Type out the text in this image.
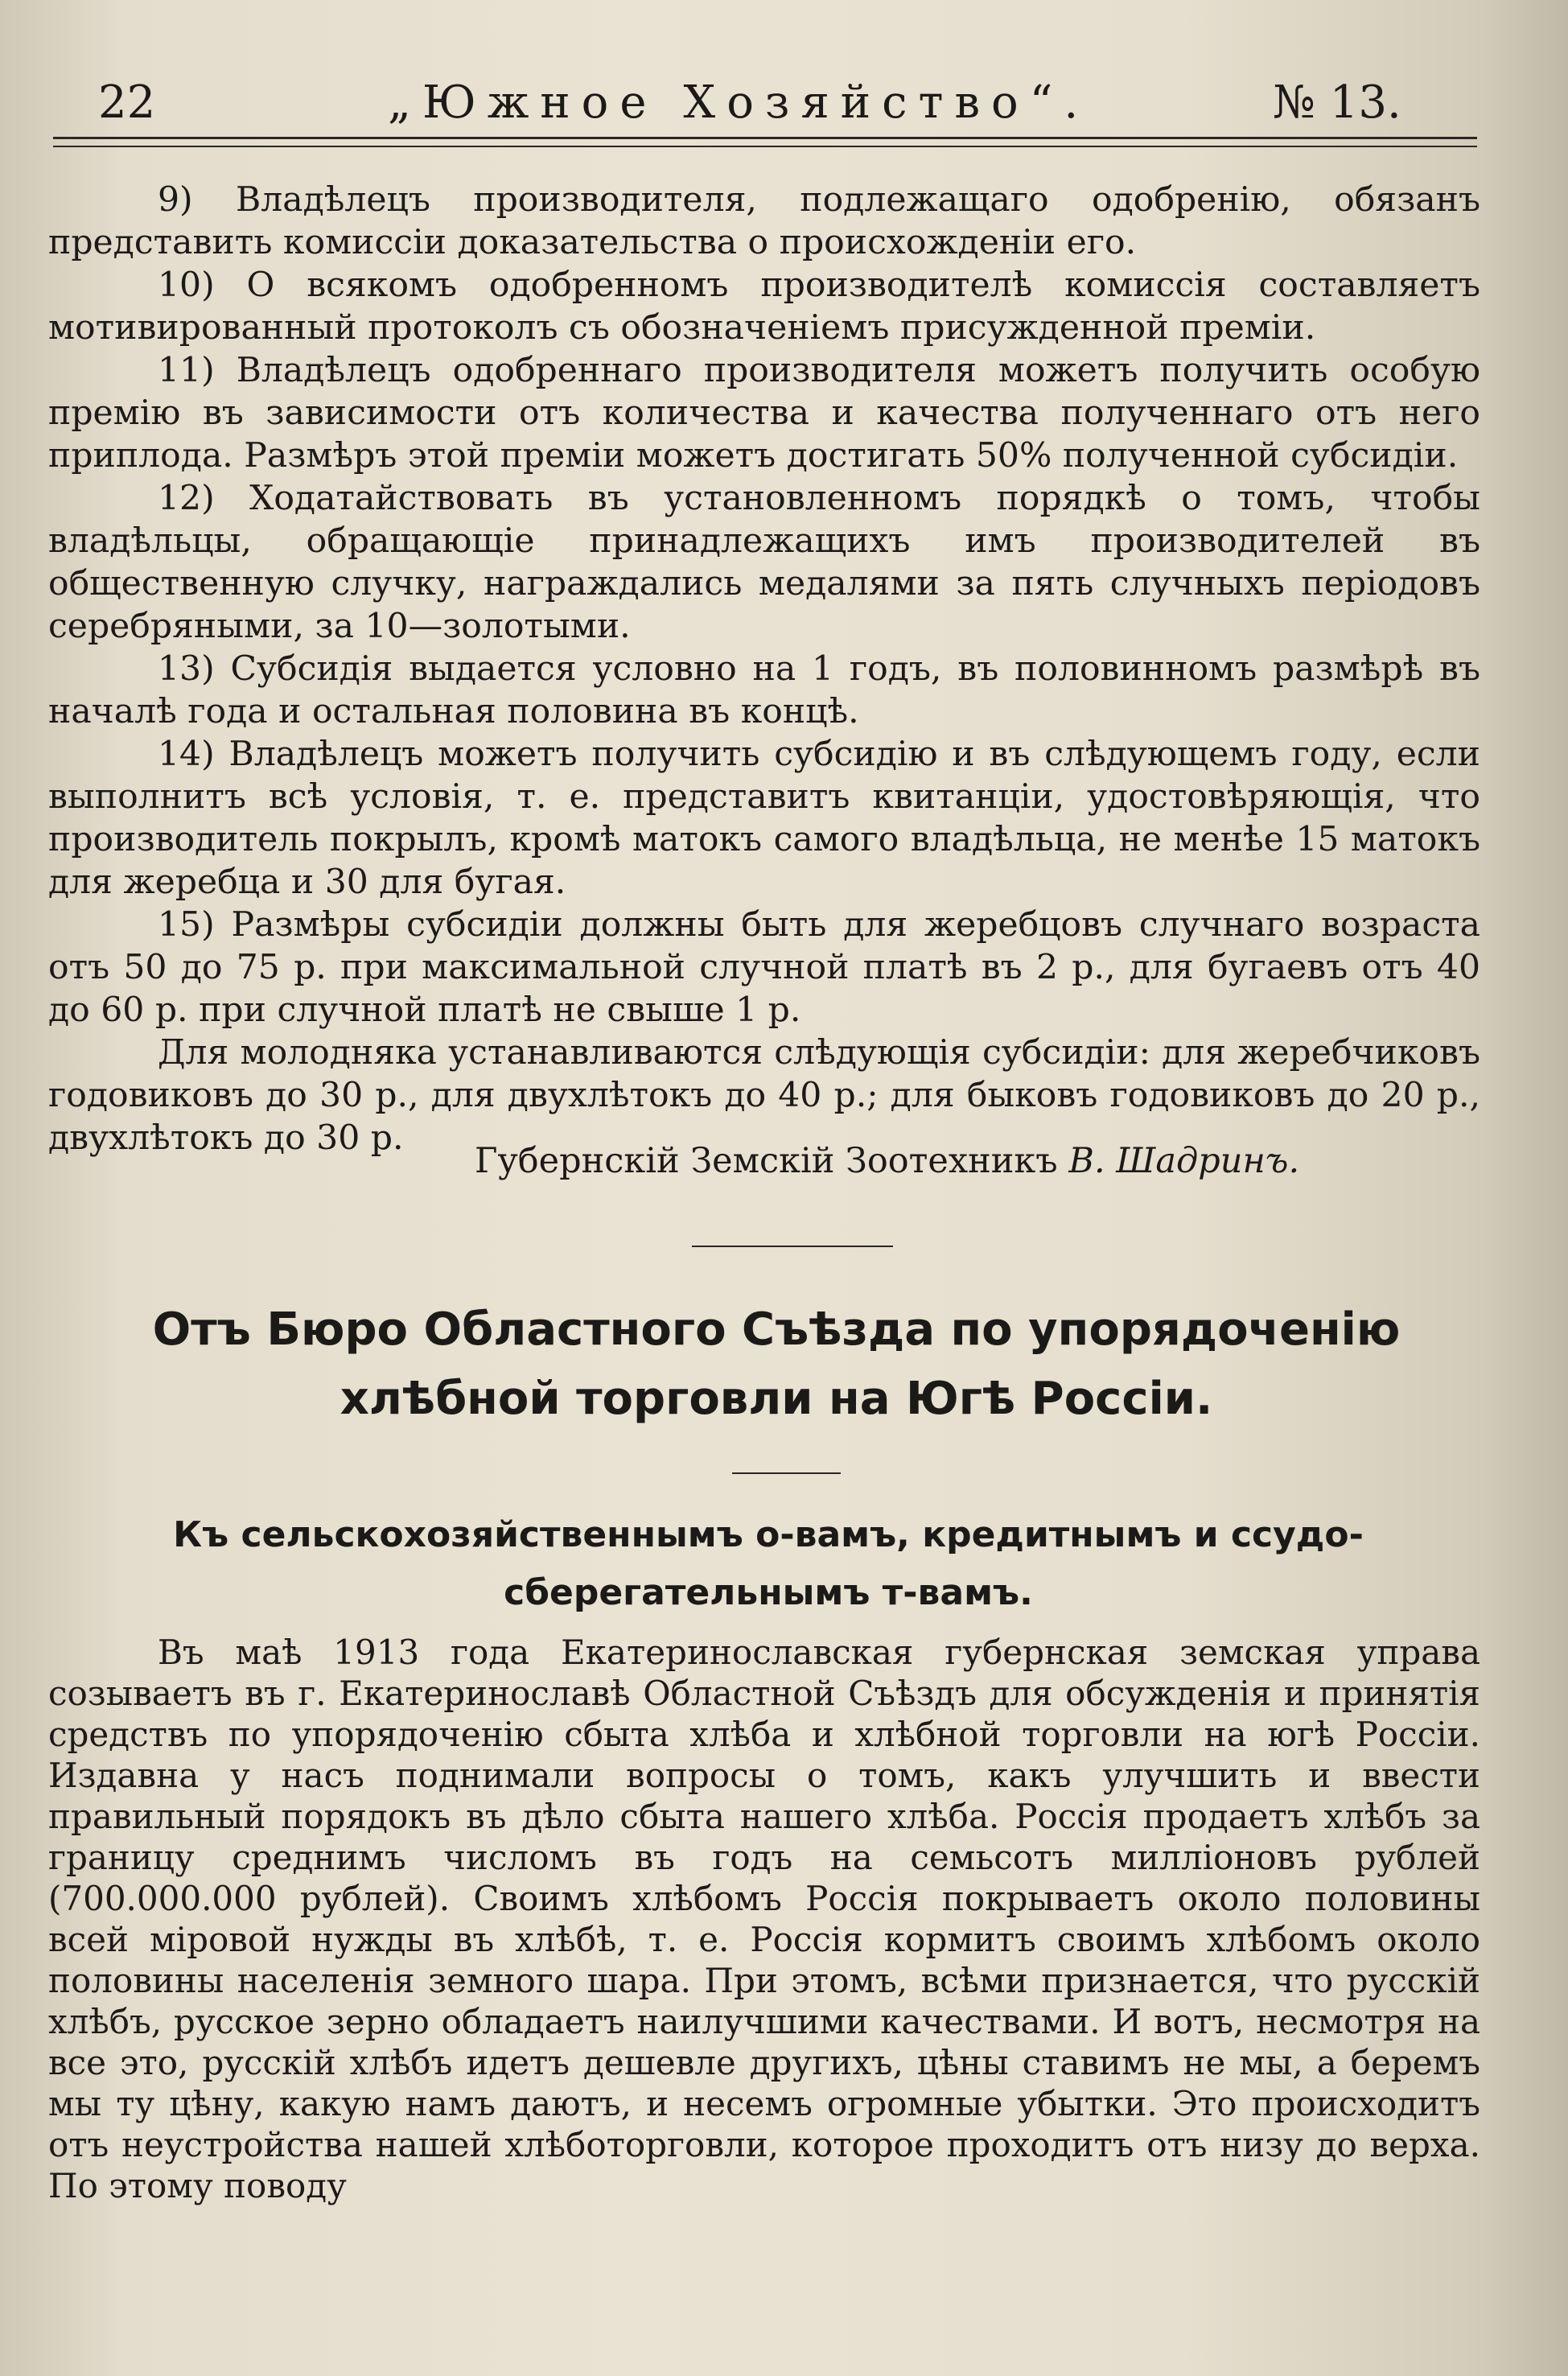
22	„Южное Хозяйство“.	№ 13.

9) Владѣлецъ производителя, подлежащаго одобренію, обязанъ представить комиссіи доказательства о происхожденіи его.

10) О всякомъ одобренномъ производителѣ комиссія составляетъ мотивированный протоколъ съ обозначеніемъ присужденной преміи.

11) Владѣлецъ одобреннаго производителя можетъ получить особую премію въ зависимости отъ количества и качества полученнаго отъ него приплода. Размѣръ этой преміи можетъ достигать 50% полученной субсидіи.

12) Ходатайствовать въ установленномъ порядкѣ о томъ, чтобы владѣльцы, обращающіе принадлежащихъ имъ производителей въ общественную случку, награждались медалями за пять случныхъ періодовъ серебряными, за 10—золотыми.

13) Субсидія выдается условно на 1 годъ, въ половинномъ размѣрѣ въ началѣ года и остальная половина въ концѣ.

14) Владѣлецъ можетъ получить субсидію и въ слѣдующемъ году, если выполнитъ всѣ условія, т. е. представитъ квитанціи, удостовѣряющія, что производитель покрылъ, кромѣ матокъ самого владѣльца, не менѣе 15 матокъ для жеребца и 30 для бугая.

15) Размѣры субсидіи должны быть для жеребцовъ случнаго возраста отъ 50 до 75 р. при максимальной случной платѣ въ 2 р., для бугаевъ отъ 40 до 60 р. при случной платѣ не свыше 1 р.

Для молодняка устанавливаются слѣдующія субсидіи: для жеребчиковъ годовиковъ до 30 р., для двухлѣтокъ до 40 р.; для быковъ годовиковъ до 20 р., двухлѣтокъ до 30 р.

Губернскій Земскій Зоотехникъ В. Шадринъ.
Отъ Бюро Областного Съѣзда по упорядоченію
хлѣбной торговли на Югѣ Россіи.
Къ сельскохозяйственнымъ о-вамъ, кредитнымъ и ссудо-
сберегательнымъ т-вамъ.

Въ маѣ 1913 года Екатеринославская губернская земская управа созываетъ въ г. Екатеринославѣ Областной Съѣздъ для обсужденія и принятія средствъ по упорядоченію сбыта хлѣба и хлѣбной торговли на югѣ Россіи. Издавна у насъ поднимали вопросы о томъ, какъ улучшить и ввести правильный порядокъ въ дѣло сбыта нашего хлѣба. Россія продаетъ хлѣбъ за границу среднимъ числомъ въ годъ на семьсотъ милліоновъ рублей (700.000.000 рублей). Своимъ хлѣбомъ Россія покрываетъ около половины всей міровой нужды въ хлѣбѣ, т. е. Россія кормитъ своимъ хлѣбомъ около половины населенія земного шара. При этомъ, всѣми признается, что русскій хлѣбъ, русское зерно обладаетъ наилучшими качествами. И вотъ, несмотря на все это, русскій хлѣбъ идетъ дешевле другихъ, цѣны ставимъ не мы, а беремъ мы ту цѣну, какую намъ даютъ, и несемъ огромные убытки. Это происходитъ отъ неустройства нашей хлѣботорговли, которое проходитъ отъ низу до верха. По этому поводу
